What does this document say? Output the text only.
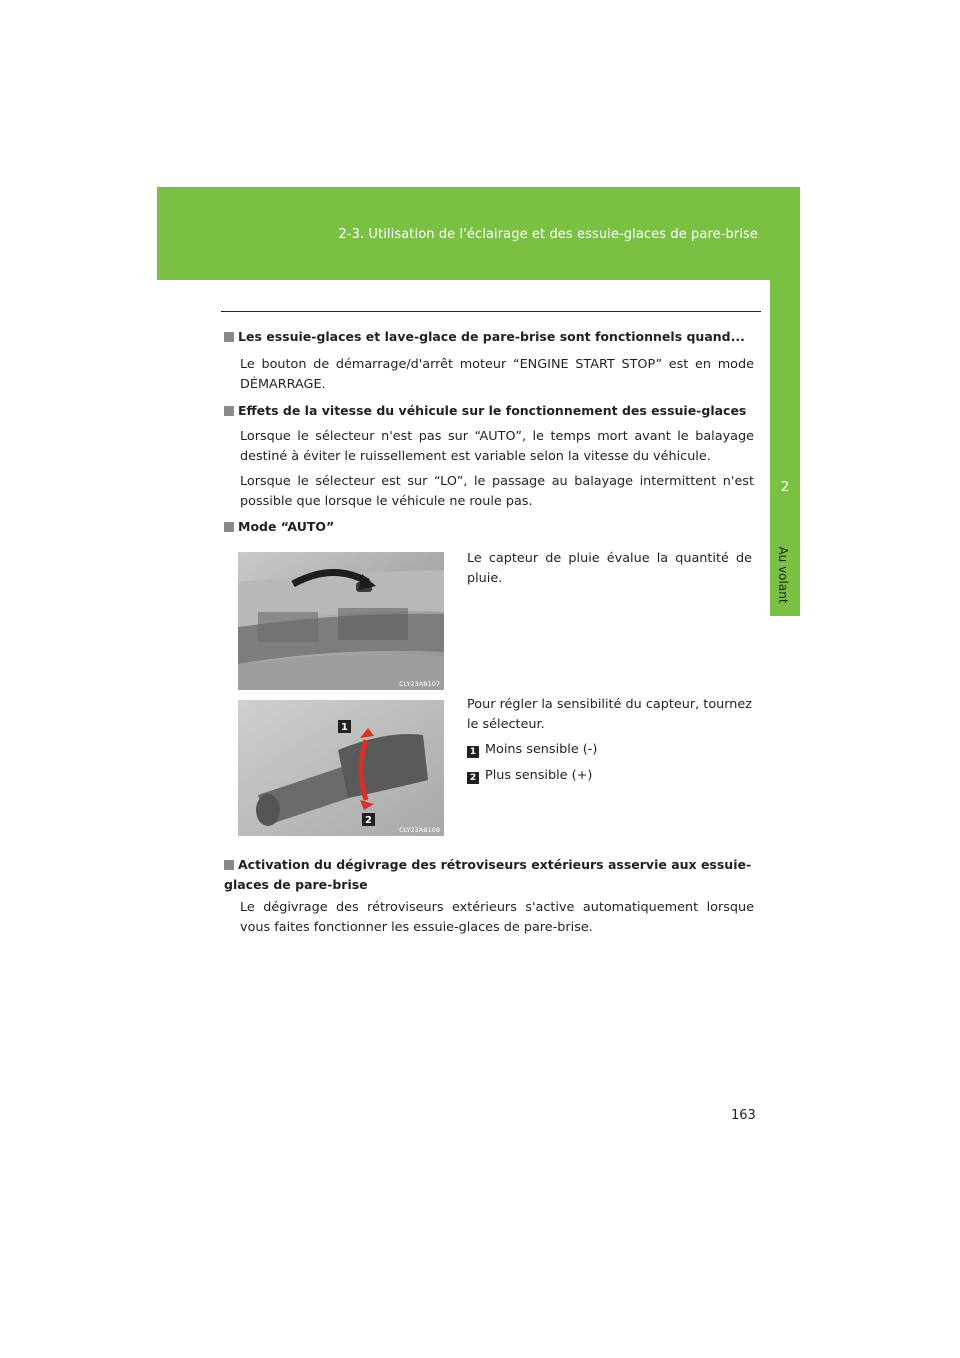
2-3. Utilisation de l'éclairage et des essuie-glaces de pare-brise
2
Au volant
Les essuie-glaces et lave-glace de pare-brise sont fonctionnels quand...
Le bouton de démarrage/d'arrêt moteur “ENGINE START STOP” est en mode DÉMARRAGE.
Effets de la vitesse du véhicule sur le fonctionnement des essuie-glaces
Lorsque le sélecteur n'est pas sur “AUTO”, le temps mort avant le balayage destiné à éviter le ruissellement est variable selon la vitesse du véhicule.
Lorsque le sélecteur est sur “LO”, le passage au balayage intermittent n'est possible que lorsque le véhicule ne roule pas.
Mode “AUTO”
CLY23AB107
Le capteur de pluie évalue la quantité de pluie.
1
2
CLY23AB108
Pour régler la sensibilité du capteur, tournez le sélecteur.
1 Moins sensible (-)
2 Plus sensible (+)
Activation du dégivrage des rétroviseurs extérieurs asservie aux essuie-glaces de pare-brise
Le dégivrage des rétroviseurs extérieurs s'active automatiquement lorsque vous faites fonctionner les essuie-glaces de pare-brise.
163
